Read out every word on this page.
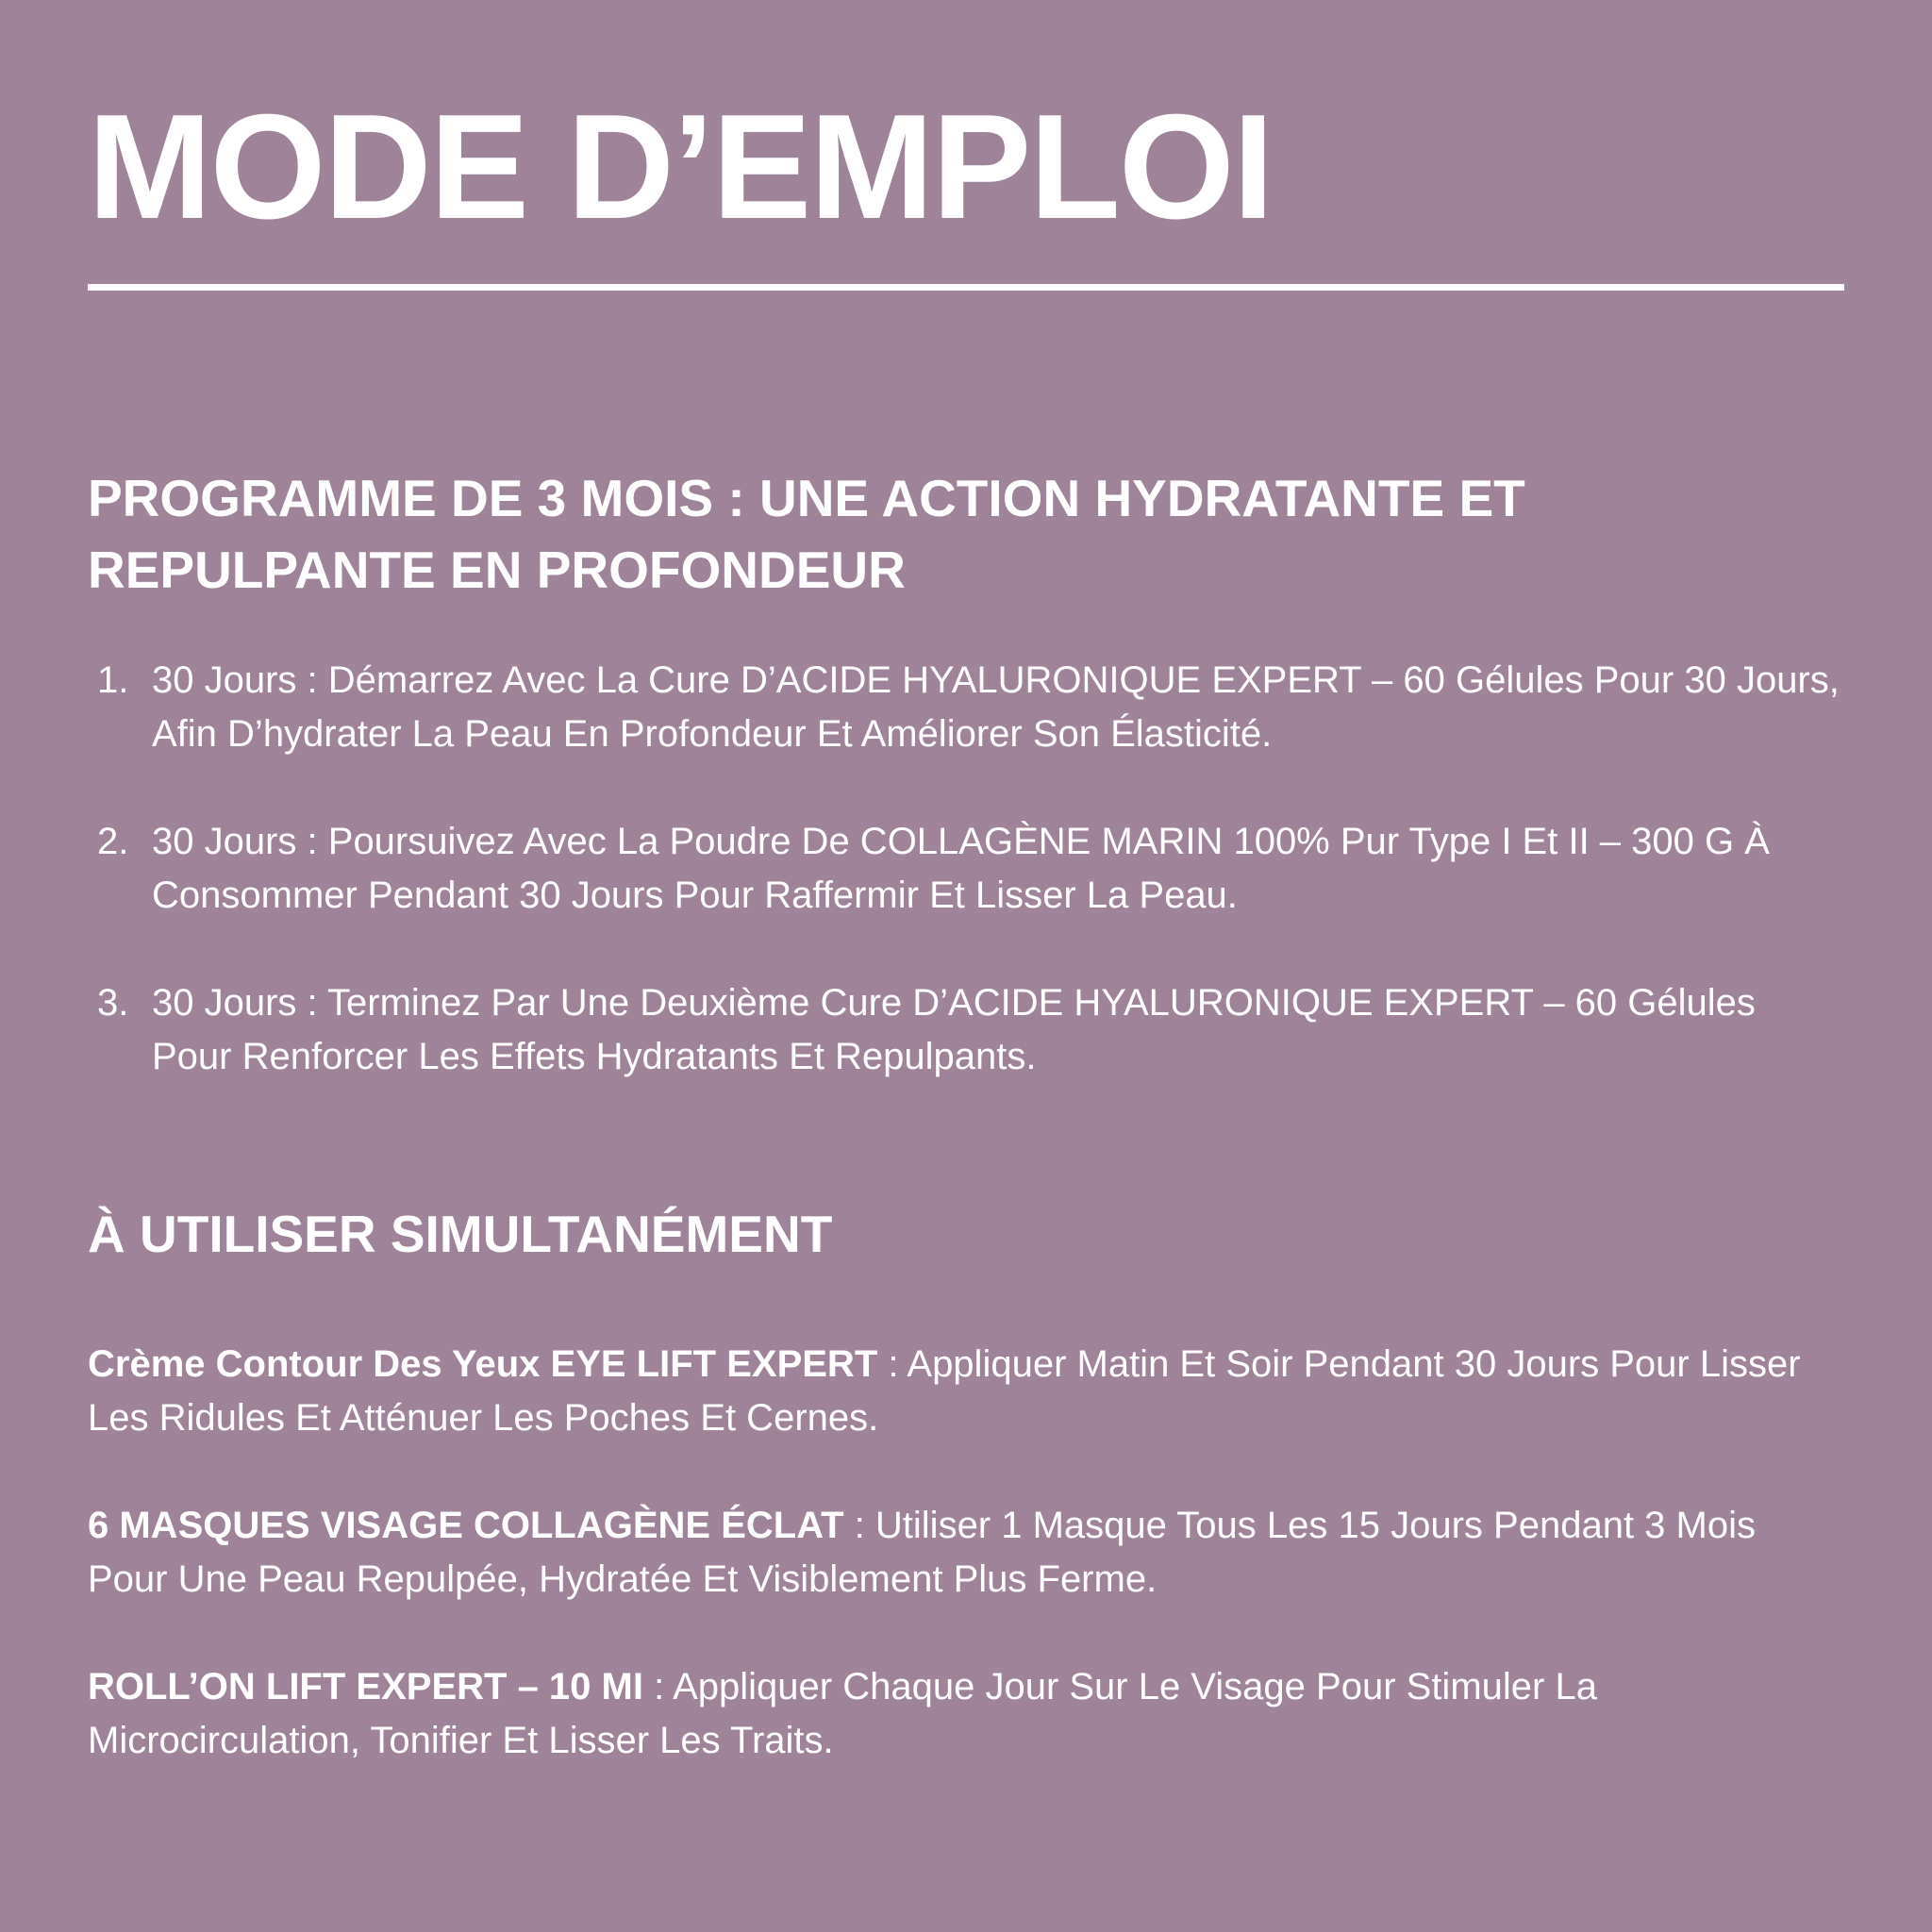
MODE D’EMPLOI
PROGRAMME DE 3 MOIS : UNE ACTION HYDRATANTE ET REPULPANTE EN PROFONDEUR
1. 30 Jours : Démarrez Avec La Cure D’ACIDE HYALURONIQUE EXPERT – 60 Gélules Pour 30 Jours, Afin D’hydrater La Peau En Profondeur Et Améliorer Son Élasticité.
2. 30 Jours : Poursuivez Avec La Poudre De COLLAGÈNE MARIN 100% Pur Type I Et II – 300 G À Consommer Pendant 30 Jours Pour Raffermir Et Lisser La Peau.
3. 30 Jours : Terminez Par Une Deuxième Cure D’ACIDE HYALURONIQUE EXPERT – 60 Gélules Pour Renforcer Les Effets Hydratants Et Repulpants.
À UTILISER SIMULTANÉMENT

Crème Contour Des Yeux EYE LIFT EXPERT : Appliquer Matin Et Soir Pendant 30 Jours Pour Lisser Les Ridules Et Atténuer Les Poches Et Cernes.

6 MASQUES VISAGE COLLAGÈNE ÉCLAT : Utiliser 1 Masque Tous Les 15 Jours Pendant 3 Mois Pour Une Peau Repulpée, Hydratée Et Visiblement Plus Ferme.

ROLL’ON LIFT EXPERT – 10 MI : Appliquer Chaque Jour Sur Le Visage Pour Stimuler La Microcirculation, Tonifier Et Lisser Les Traits.
